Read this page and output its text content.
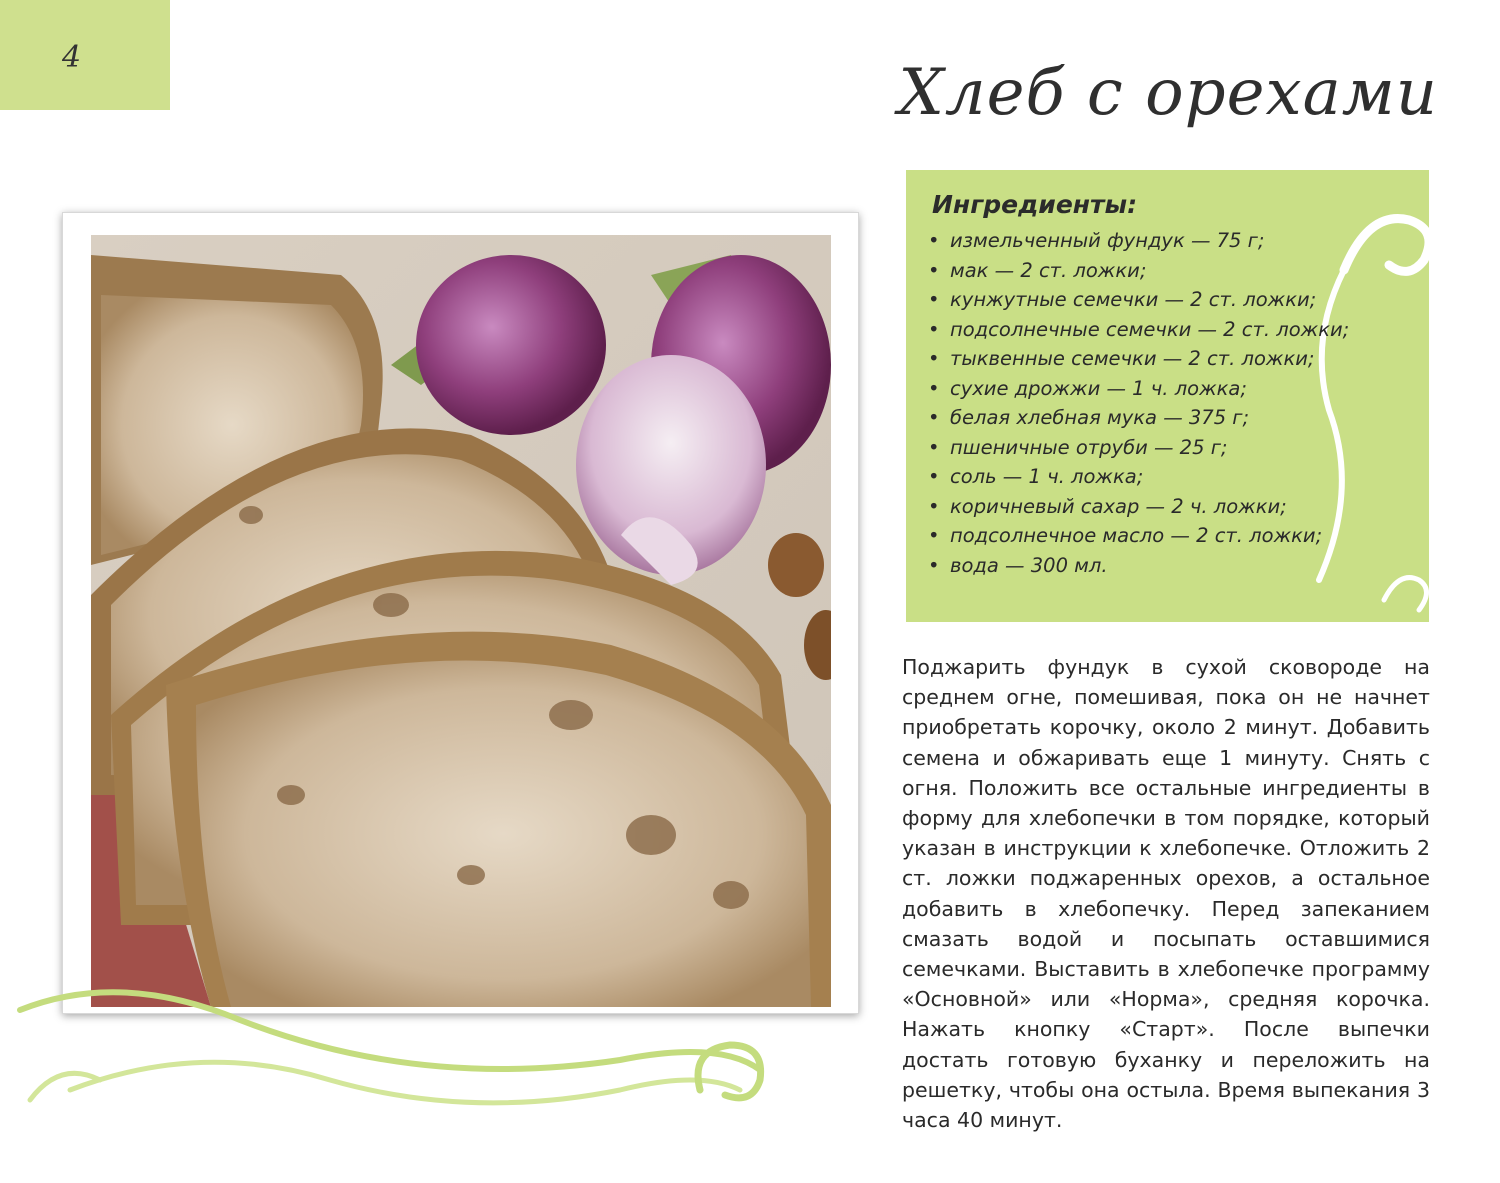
4	Хлеб с орехами
Ингредиенты:
• измельченный фундук — 75 г;
• мак — 2 ст. ложки;
• кунжутные семечки — 2 ст. ложки;
• подсолнечные семечки — 2 ст. ложки;
• тыквенные семечки — 2 ст. ложки;
• сухие дрожжи — 1 ч. ложка;
• белая хлебная мука — 375 г;
• пшеничные отруби — 25 г;
• соль — 1 ч. ложка;
• коричневый сахар — 2 ч. ложки;
• подсолнечное масло — 2 ст. ложки;
• вода — 300 мл.

Поджарить фундук в сухой сковороде на среднем огне, помешивая, пока он не начнет приобретать корочку, около 2 минут. Добавить семена и обжаривать еще 1 минуту. Снять с огня. Положить все остальные ингредиенты в форму для хлебопечки в том порядке, который указан в инструкции к хлебопечке. Отложить 2 ст. ложки поджаренных орехов, а остальное добавить в хлебопечку. Перед запеканием смазать водой и посыпать оставшимися семечками. Выставить в хлебопечке программу «Основной» или «Норма», средняя корочка. Нажать кнопку «Старт». После выпечки достать готовую буханку и переложить на решетку, чтобы она остыла. Время выпекания 3 часа 40 минут.
